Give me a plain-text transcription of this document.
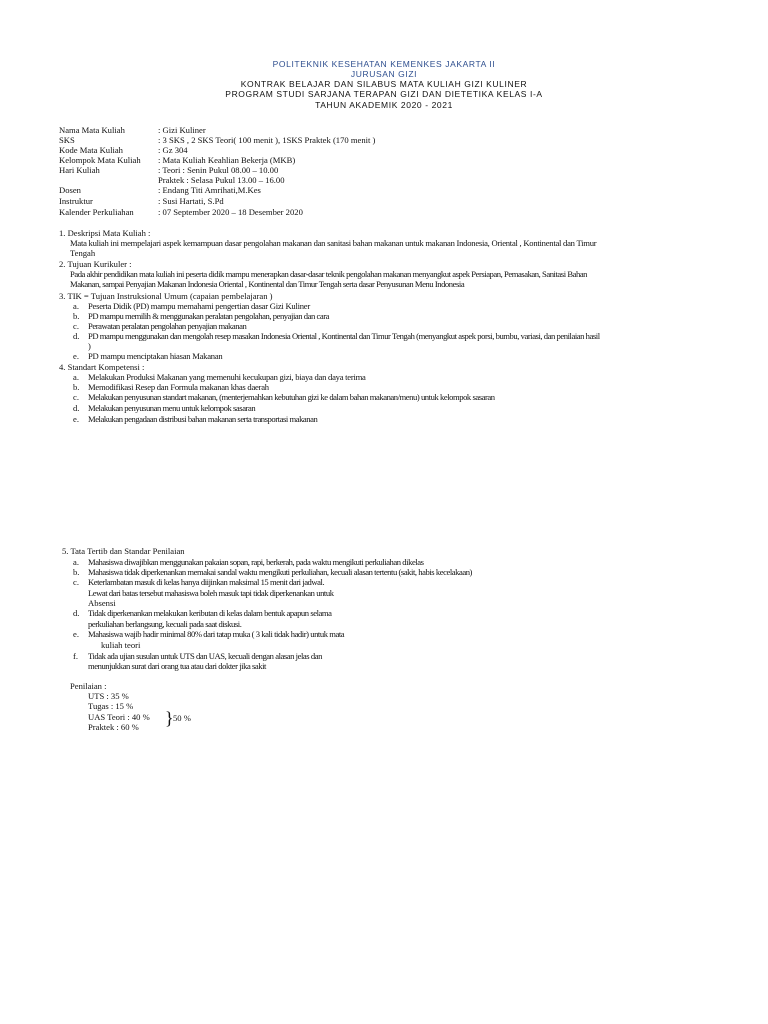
POLITEKNIK KESEHATAN KEMENKES JAKARTA II
JURUSAN GIZI
KONTRAK BELAJAR DAN SILABUS MATA KULIAH GIZI KULINER
PROGRAM STUDI SARJANA TERAPAN GIZI DAN DIETETIKA KELAS I-A
TAHUN AKADEMIK 2020 - 2021
Nama Mata Kuliah	: Gizi Kuliner
SKS	: 3 SKS , 2 SKS Teori( 100 menit ), 1SKS Praktek (170 menit )
Kode Mata Kuliah	: Gz 304
Kelompok Mata Kuliah : Mata Kuliah Keahlian Bekerja (MKB)
Hari Kuliah	: Teori : Senin Pukul 08.00 – 10.00
Praktek : Selasa Pukul 13.00 – 16.00
Dosen	: Endang Titi Amrihati,M.Kes
Instruktur	: Susi Hartati, S.Pd
Kalender Perkuliahan	: 07 September 2020 – 18 Desember 2020
1. Deskripsi Mata Kuliah :
Mata kuliah ini mempelajari aspek kemampuan dasar pengolahan makanan dan sanitasi bahan makanan untuk makanan Indonesia, Oriental , Kontinental dan Timur
Tengah
2. Tujuan Kurikuler :
Pada akhir pendidikan mata kuliah ini peserta didik mampu menerapkan dasar-dasar teknik pengolahan makanan menyangkut aspek Persiapan, Pemasakan, Sanitasi Bahan
Makanan, sampai Penyajian Makanan Indonesia Oriental , Kontinental dan Timur Tengah serta dasar Penyusunan Menu Indonesia
3. TIK = Tujuan Instruksional Umum (capaian pembelajaran )
a. Peserta Didik (PD) mampu memahami pengertian dasar Gizi Kuliner
b. PD mampu memilih & menggunakan peralatan pengolahan, penyajian dan cara
c. Perawatan peralatan pengolahan penyajian makanan
d. PD mampu menggunakan dan mengolah resep masakan Indonesia Oriental , Kontinental dan Timur Tengah (menyangkut aspek porsi, bumbu, variasi, dan penilaian hasil
)
e. PD mampu menciptakan hiasan Makanan
4. Standart Kompetensi :
a. Melakukan Produksi Makanan yang memenuhi kecukupan gizi, biaya dan daya terima
b. Memodifikasi Resep dan Formula makanan khas daerah
c. Melakukan penyusunan standart makanan, (menterjemahkan kebutuhan gizi ke dalam bahan makanan/menu) untuk kelompok sasaran
d. Melakukan penyusunan menu untuk kelompok sasaran
e. Melakukan pengadaan distribusi bahan makanan serta transportasi makanan
5. Tata Tertib dan Standar Penilaian
a. Mahasiswa diwajibkan menggunakan pakaian sopan, rapi, berkerah, pada waktu mengikuti perkuliahan dikelas
b. Mahasiswa tidak diperkenankan memakai sandal waktu mengikuti perkuliahan, kecuali alasan tertentu (sakit, habis kecelakaan)
c. Keterlambatan masuk di kelas hanya diijinkan maksimal 15 menit dari jadwal.
Lewat dari batas tersebut mahasiswa boleh masuk tapi tidak diperkenankan untuk
Absensi
d. Tidak diperkenankan melakukan keributan di kelas dalam bentuk apapun selama
perkuliahan berlangsung, kecuali pada saat diskusi.
e. Mahasiswa wajib hadir minimal 80% dari tatap muka ( 3 kali tidak hadir) untuk mata
kuliah teori
f. Tidak ada ujian susulan untuk UTS dan UAS, kecuali dengan alasan jelas dan
menunjukkan surat dari orang tua atau dari dokter jika sakit
Penilaian :
UTS : 35 %
Tugas : 15 %
UAS Teori : 40 %
Praktek : 60 % } 50 %
